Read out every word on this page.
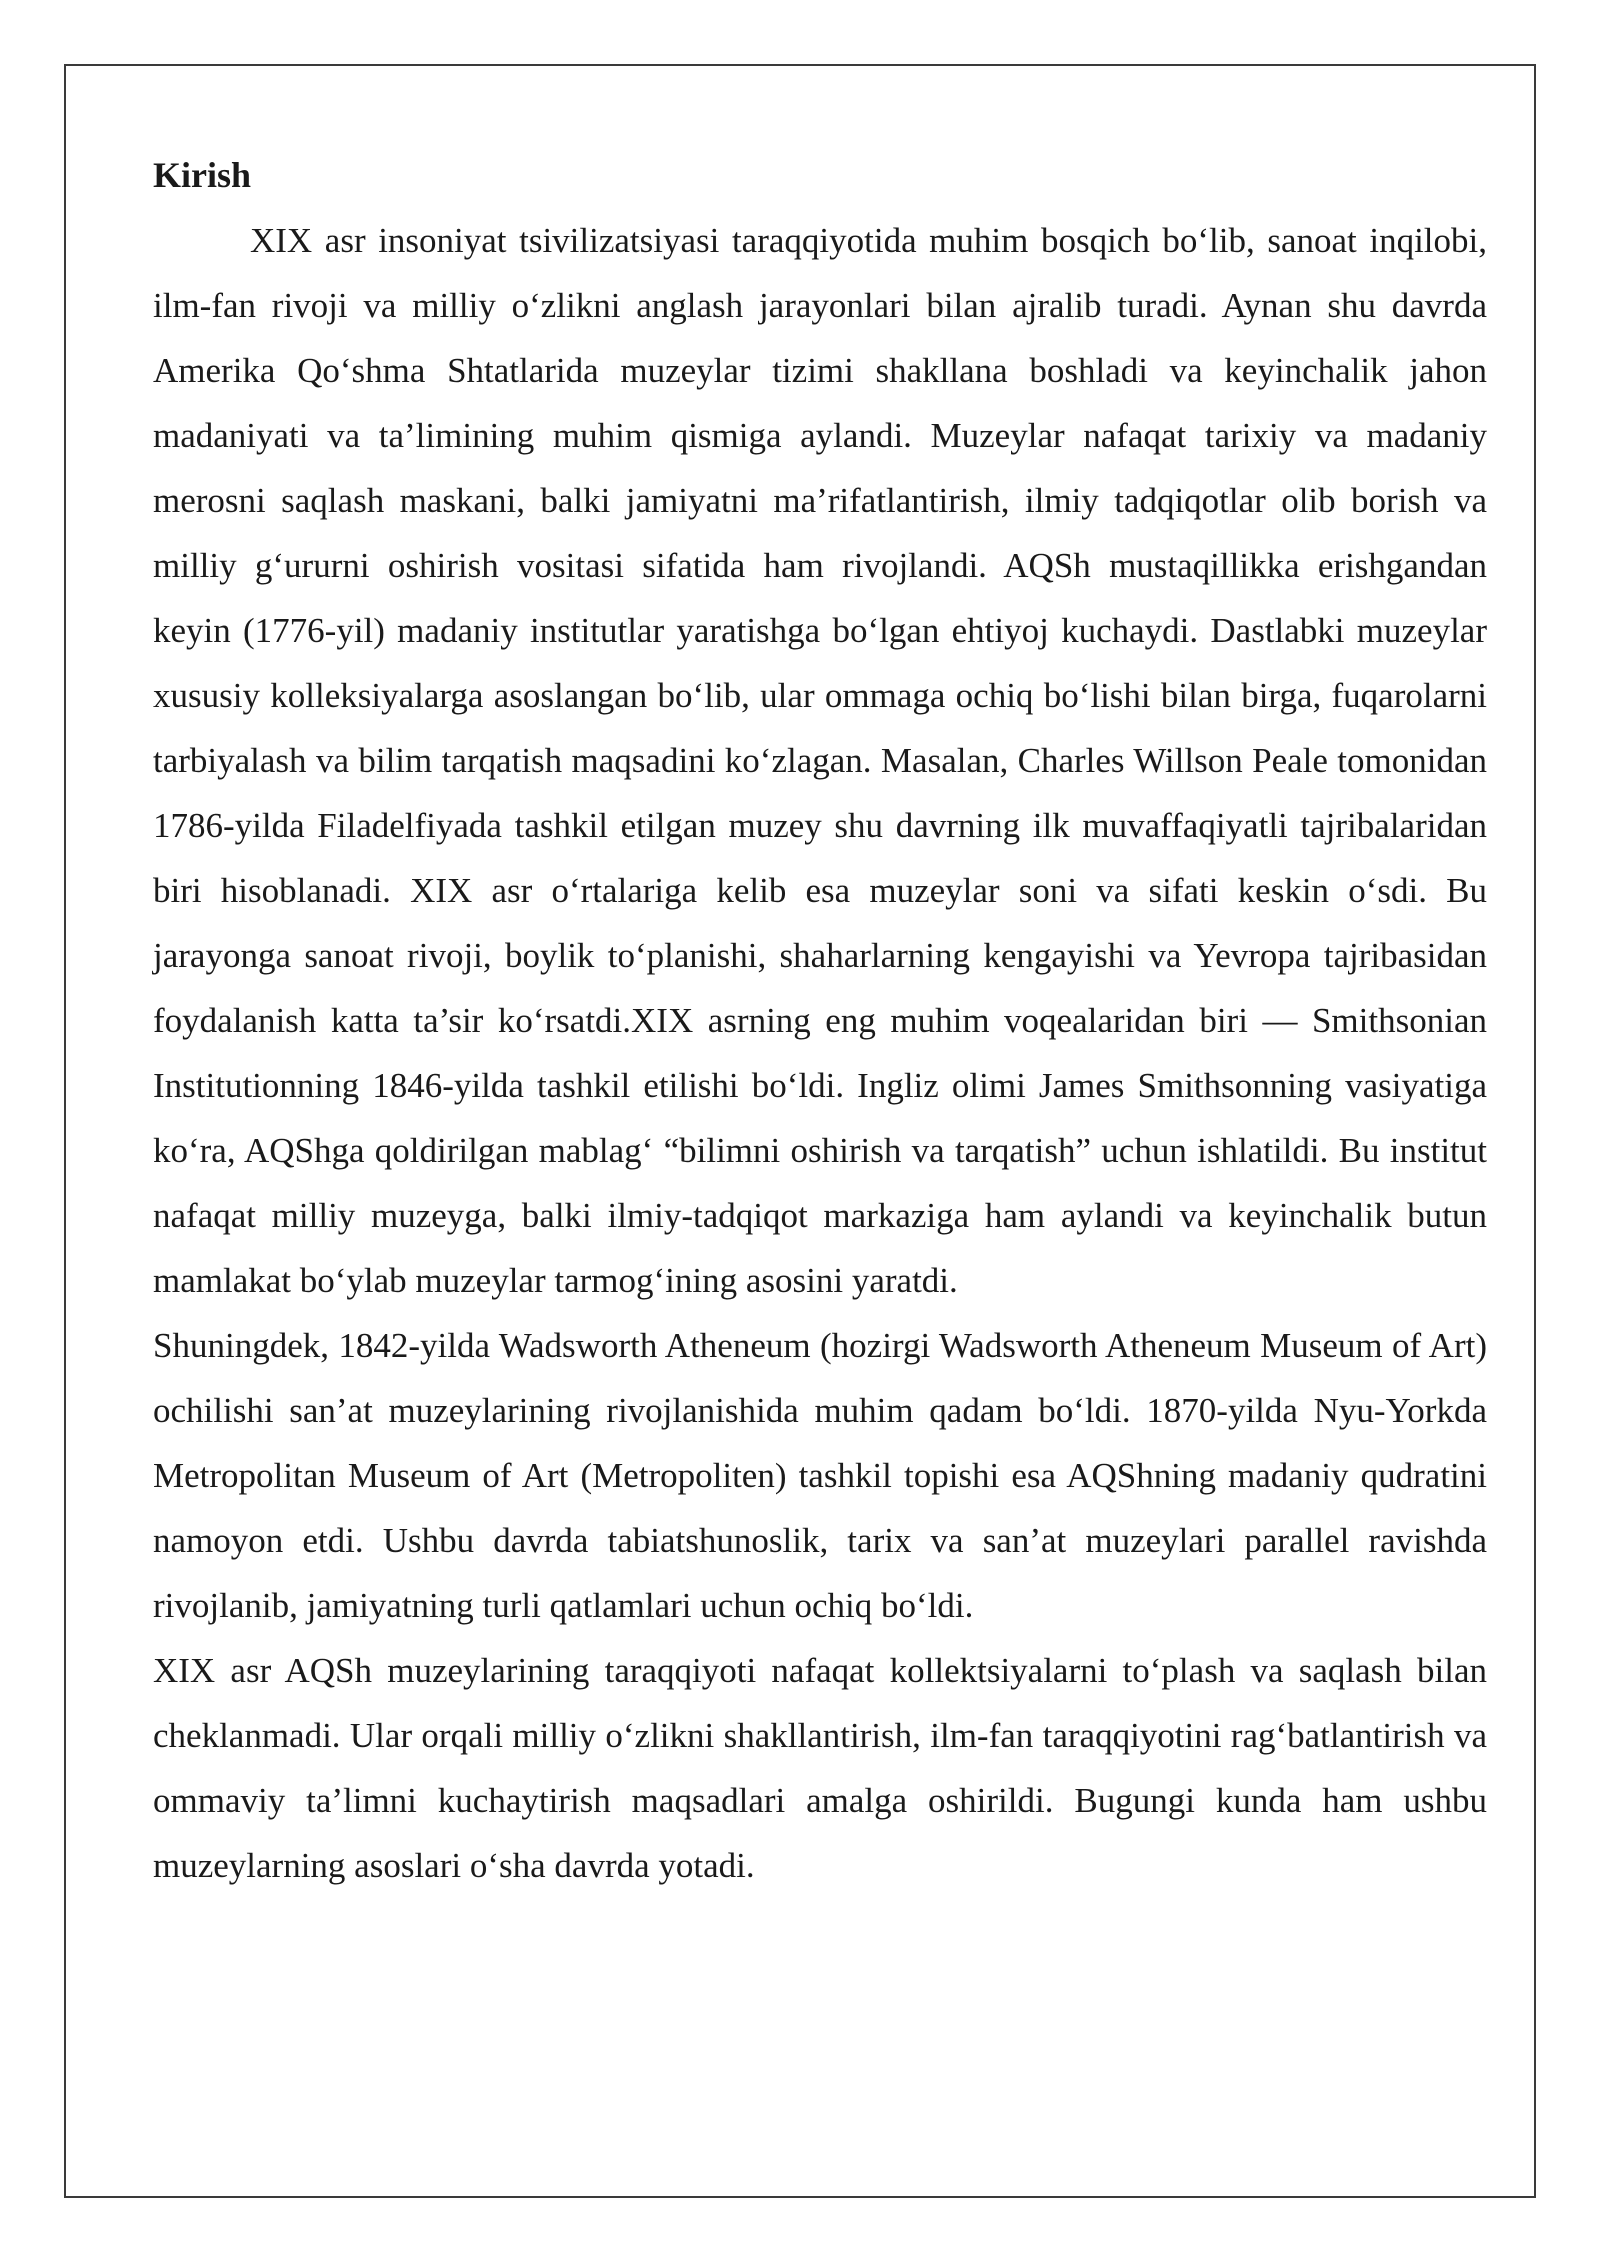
Kirish

XIX asr insoniyat tsivilizatsiyasi taraqqiyotida muhim bosqich bo‘lib, sanoat inqilobi, ilm-fan rivoji va milliy o‘zlikni anglash jarayonlari bilan ajralib turadi. Aynan shu davrda Amerika Qo‘shma Shtatlarida muzeylar tizimi shakllana boshladi va keyinchalik jahon madaniyati va ta’limining muhim qismiga aylandi. Muzeylar nafaqat tarixiy va madaniy merosni saqlash maskani, balki jamiyatni ma’rifatlantirish, ilmiy tadqiqotlar olib borish va milliy g‘ururni oshirish vositasi sifatida ham rivojlandi. AQSh mustaqillikka erishgandan keyin (1776-yil) madaniy institutlar yaratishga bo‘lgan ehtiyoj kuchaydi. Dastlabki muzeylar xususiy kolleksiyalarga asoslangan bo‘lib, ular ommaga ochiq bo‘lishi bilan birga, fuqarolarni tarbiyalash va bilim tarqatish maqsadini ko‘zlagan. Masalan, Charles Willson Peale tomonidan 1786-yilda Filadelfiyada tashkil etilgan muzey shu davrning ilk muvaffaqiyatli tajribalaridan biri hisoblanadi. XIX asr o‘rtalariga kelib esa muzeylar soni va sifati keskin o‘sdi. Bu jarayonga sanoat rivoji, boylik to‘planishi, shaharlarning kengayishi va Yevropa tajribasidan foydalanish katta ta’sir ko‘rsatdi.XIX asrning eng muhim voqealaridan biri — Smithsonian Institutionning 1846-yilda tashkil etilishi bo‘ldi. Ingliz olimi James Smithsonning vasiyatiga ko‘ra, AQShga qoldirilgan mablag‘ “bilimni oshirish va tarqatish” uchun ishlatildi. Bu institut nafaqat milliy muzeyga, balki ilmiy-tadqiqot markaziga ham aylandi va keyinchalik butun mamlakat bo‘ylab muzeylar tarmog‘ining asosini yaratdi.

Shuningdek, 1842-yilda Wadsworth Atheneum (hozirgi Wadsworth Atheneum Museum of Art) ochilishi san’at muzeylarining rivojlanishida muhim qadam bo‘ldi. 1870-yilda Nyu-Yorkda Metropolitan Museum of Art (Metropoliten) tashkil topishi esa AQShning madaniy qudratini namoyon etdi. Ushbu davrda tabiatshunoslik, tarix va san’at muzeylari parallel ravishda rivojlanib, jamiyatning turli qatlamlari uchun ochiq bo‘ldi.

XIX asr AQSh muzeylarining taraqqiyoti nafaqat kollektsiyalarni to‘plash va saqlash bilan cheklanmadi. Ular orqali milliy o‘zlikni shakllantirish, ilm-fan taraqqiyotini rag‘batlantirish va ommaviy ta’limni kuchaytirish maqsadlari amalga oshirildi. Bugungi kunda ham ushbu muzeylarning asoslari o‘sha davrda yotadi.
